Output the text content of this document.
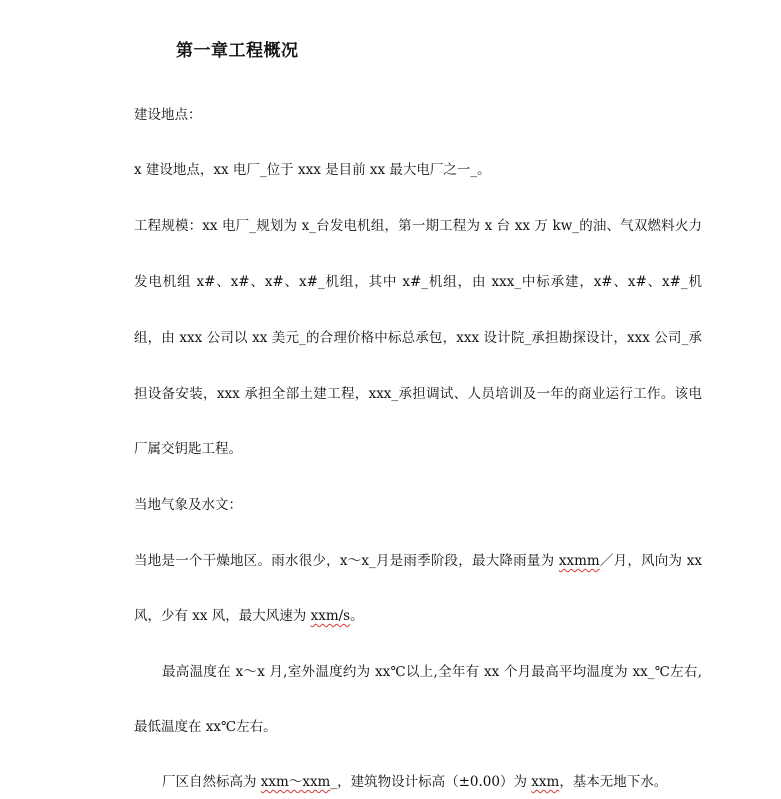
第一章工程概况
建设地点：
x 建设地点，xx 电厂_位于 xxx 是目前 xx 最大电厂之一_。
工程规模：xx 电厂_规划为 x_台发电机组，第一期工程为 x 台 xx 万 kw_的油、气双燃料火力
发电机组 x#、x#、x#、x#_机组，其中 x#_机组，由 xxx_中标承建，x#、x#、x#_机
组，由 xxx 公司以 xx 美元_的合理价格中标总承包，xxx 设计院_承担勘探设计，xxx 公司_承
担设备安装，xxx 承担全部土建工程，xxx_承担调试、人员培训及一年的商业运行工作。该电
厂属交钥匙工程。
当地气象及水文：
当地是一个干燥地区。雨水很少，x～x_月是雨季阶段，最大降雨量为 xxmm／月，风向为 xx
风，少有 xx 风，最大风速为 xxm/s。
最高温度在 x～x 月,室外温度约为 xx℃以上,全年有 xx 个月最高平均温度为 xx_℃左右,
最低温度在 xx℃左右。
厂区自然标高为 xxm～xxm_，建筑物设计标高（±0.00）为 xxm，基本无地下水。
